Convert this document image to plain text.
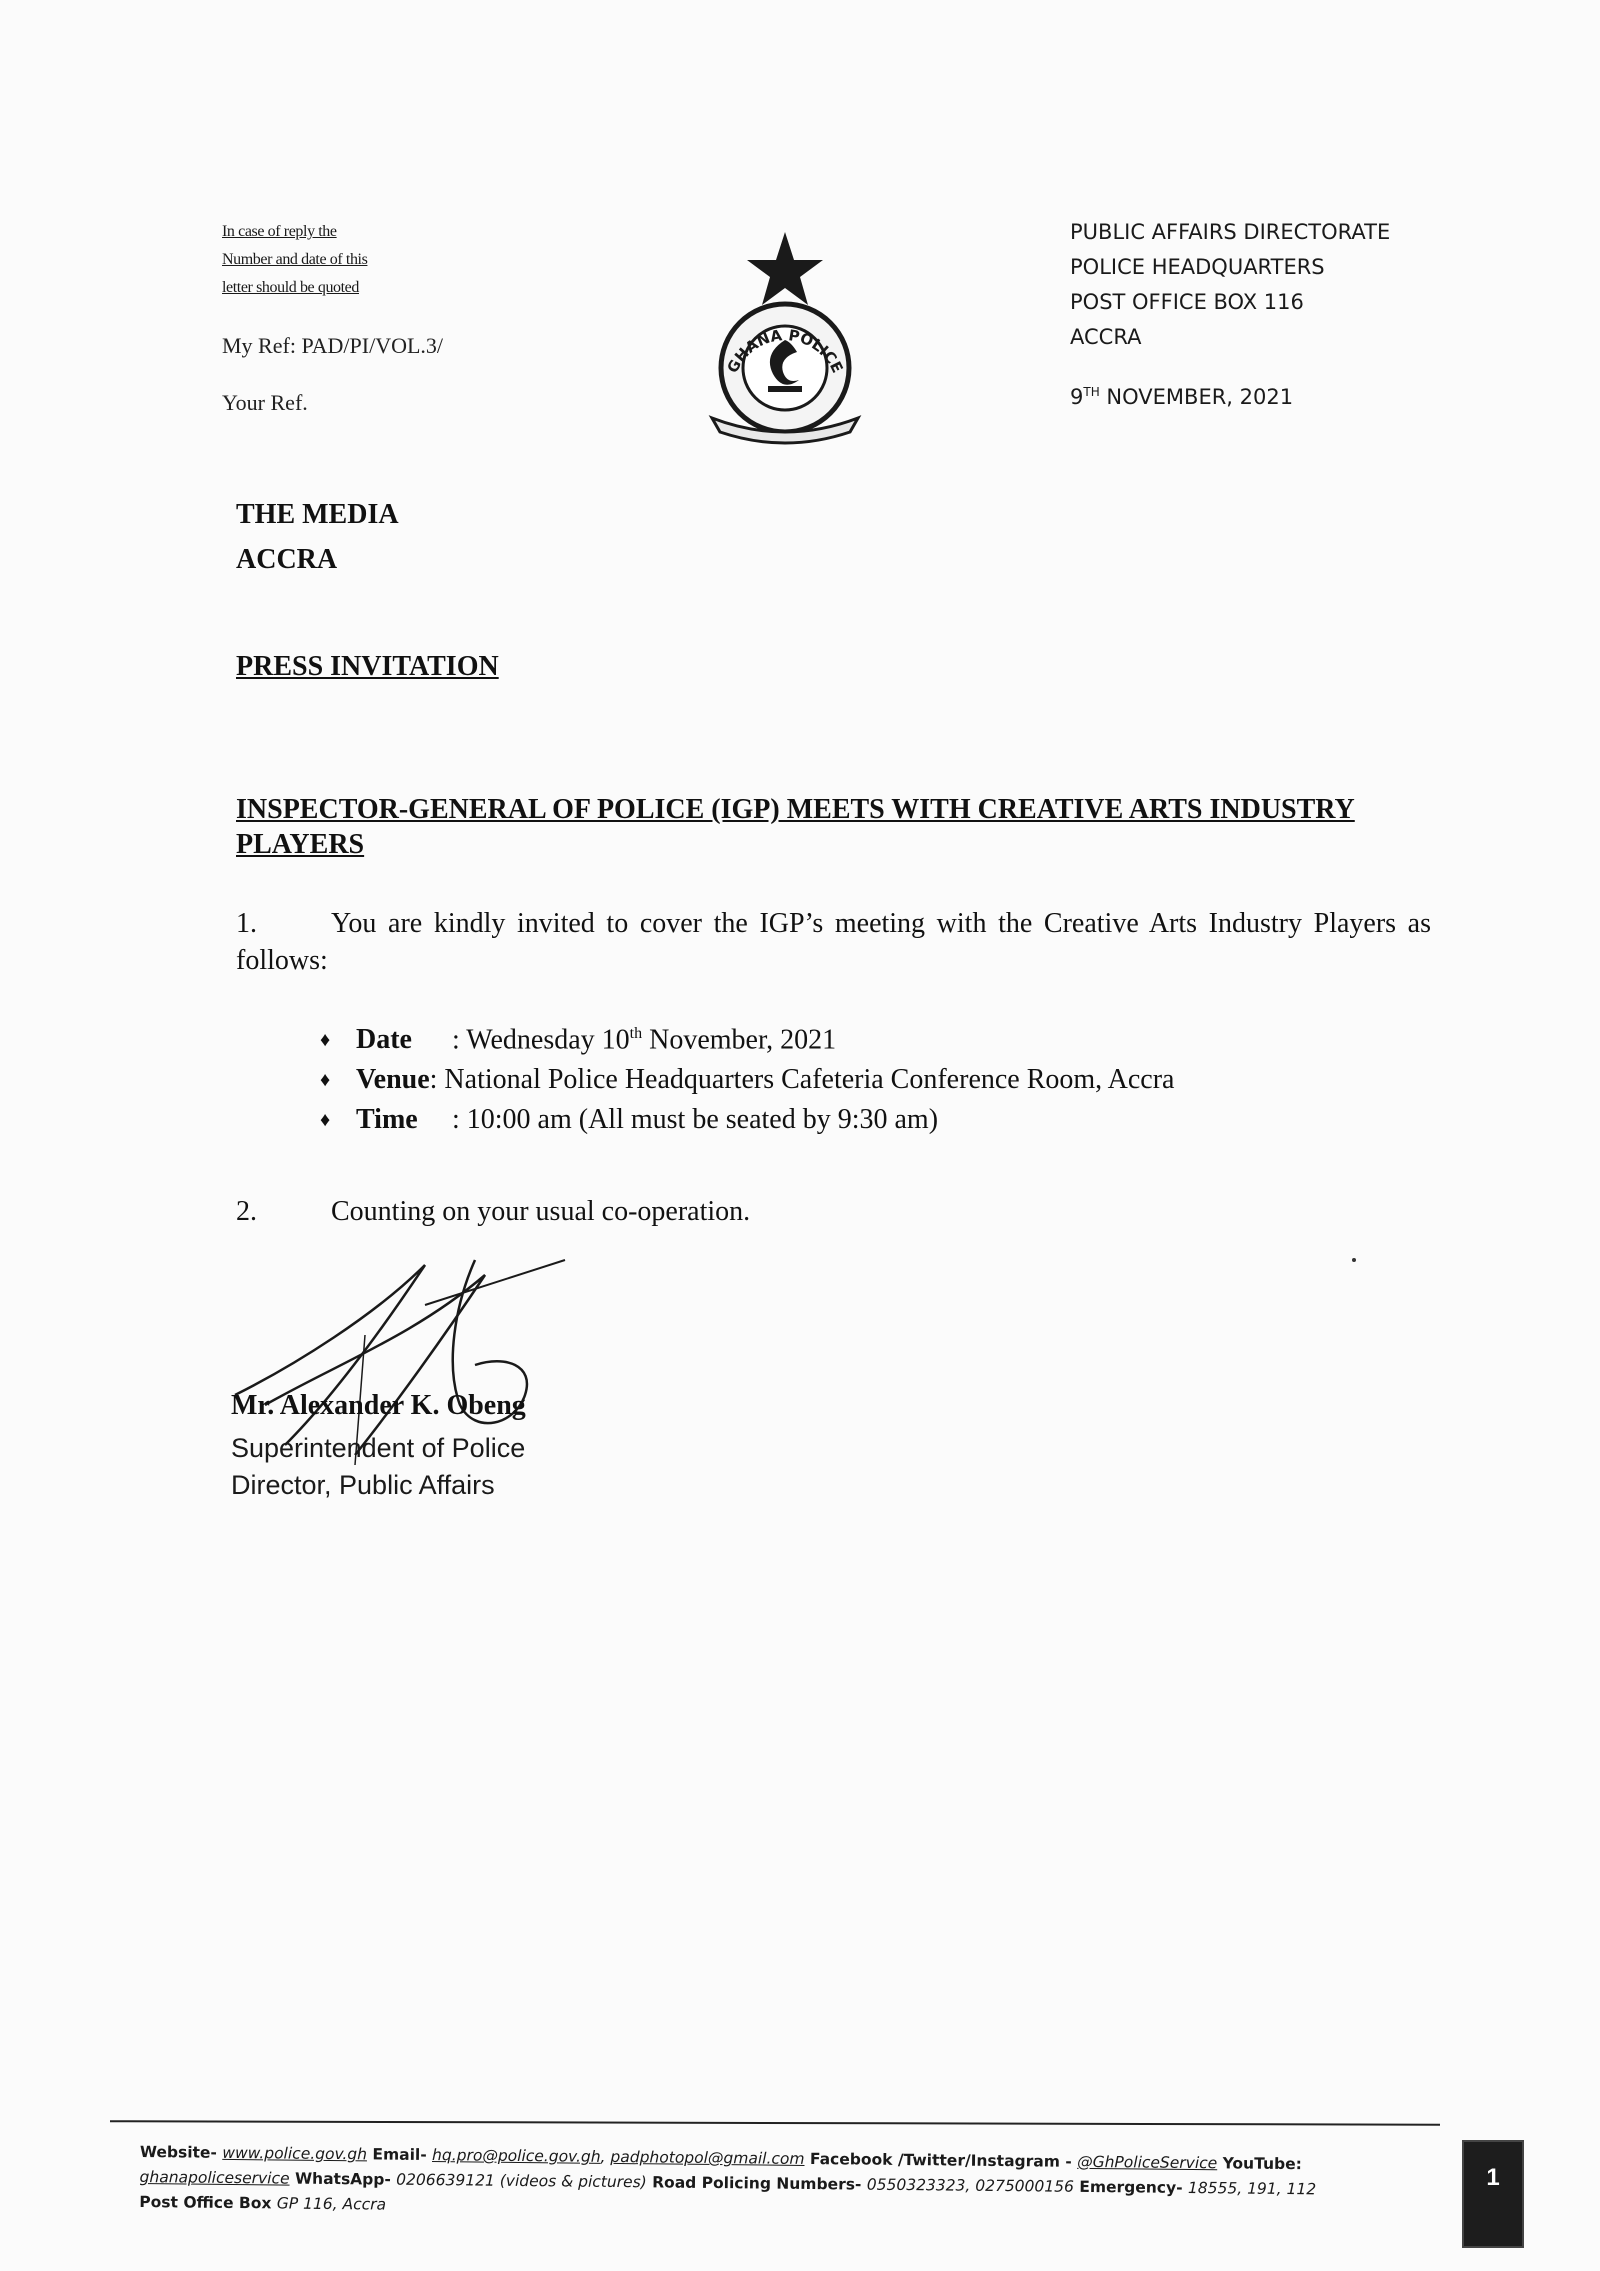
In case of reply the
Number and date of this
letter should be quoted
My Ref: PAD/PI/VOL.3/
Your Ref.
GHANA POLICE
PUBLIC AFFAIRS DIRECTORATE
POLICE HEADQUARTERS
POST OFFICE BOX 116
ACCRA
9TH NOVEMBER, 2021
THE MEDIA
ACCRA
PRESS INVITATION
INSPECTOR-GENERAL OF POLICE (IGP) MEETS WITH CREATIVE ARTS INDUSTRY PLAYERS
1.	You are kindly invited to cover the IGP’s meeting with the Creative Arts Industry Players as follows:
♦ Date : Wednesday 10th November, 2021
♦ Venue: National Police Headquarters Cafeteria Conference Room, Accra
♦ Time : 10:00 am (All must be seated by 9:30 am)
2.	Counting on your usual co-operation.
Mr. Alexander K. Obeng
Superintendent of Police
Director, Public Affairs
Website- www.police.gov.gh Email- hq.pro@police.gov.gh, padphotopol@gmail.com Facebook /Twitter/Instagram - @GhPoliceService YouTube:
ghanapoliceservice WhatsApp- 0206639121 (videos & pictures) Road Policing Numbers- 0550323323, 0275000156 Emergency- 18555, 191, 112
Post Office Box GP 116, Accra
1
